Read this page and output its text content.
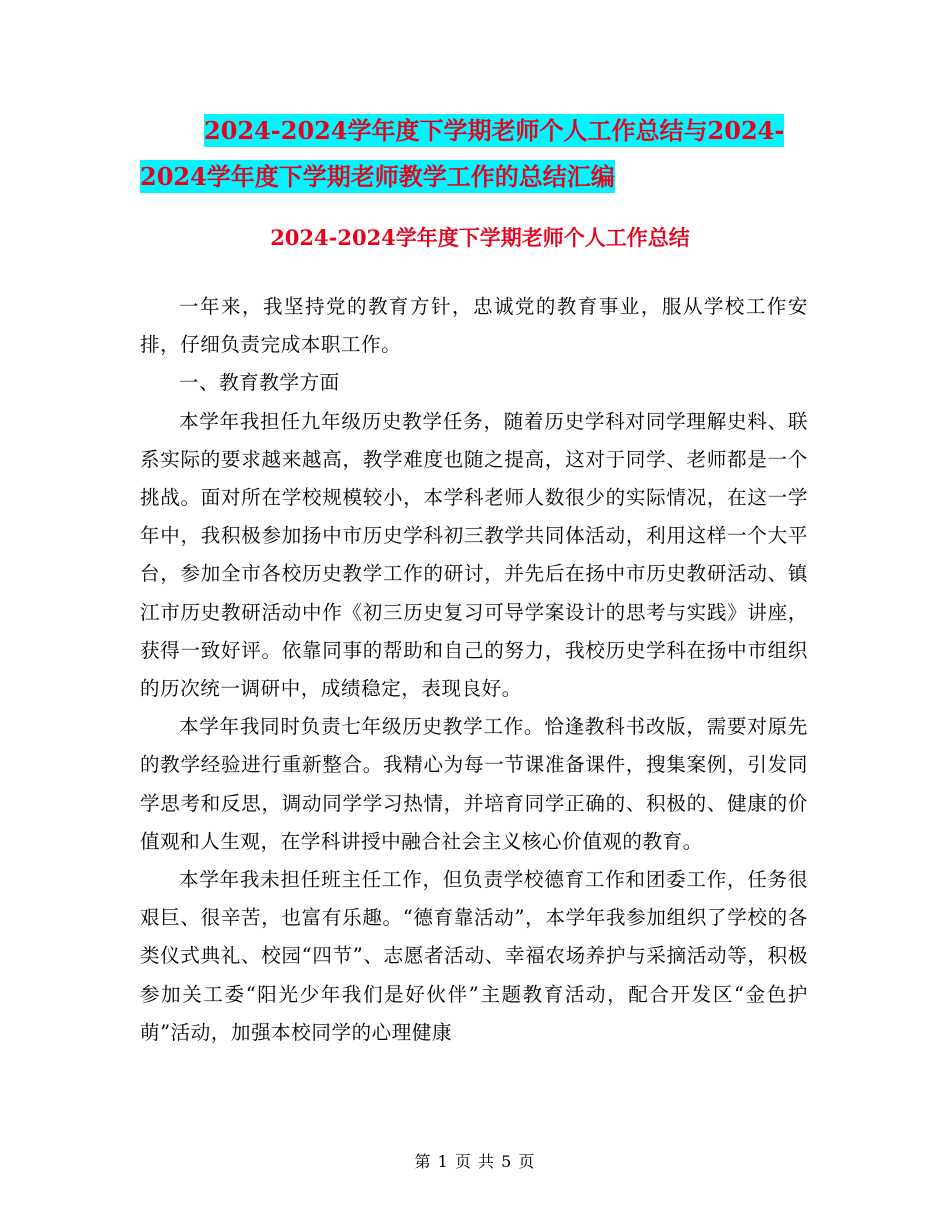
2024-2024学年度下学期老师个人工作总结与2024-
2024学年度下学期老师教学工作的总结汇编
2024-2024学年度下学期老师个人工作总结

一年来，我坚持党的教育方针，忠诚党的教育事业，服从学校工作安排，仔细负责完成本职工作。

一、教育教学方面

本学年我担任九年级历史教学任务，随着历史学科对同学理解史料、联系实际的要求越来越高，教学难度也随之提高，这对于同学、老师都是一个挑战。面对所在学校规模较小，本学科老师人数很少的实际情况，在这一学年中，我积极参加扬中市历史学科初三教学共同体活动，利用这样一个大平台，参加全市各校历史教学工作的研讨，并先后在扬中市历史教研活动、镇江市历史教研活动中作《初三历史复习可导学案设计的思考与实践》讲座，获得一致好评。依靠同事的帮助和自己的努力，我校历史学科在扬中市组织的历次统一调研中，成绩稳定，表现良好。

本学年我同时负责七年级历史教学工作。恰逢教科书改版，需要对原先的教学经验进行重新整合。我精心为每一节课准备课件，搜集案例，引发同学思考和反思，调动同学学习热情，并培育同学正确的、积极的、健康的价值观和人生观，在学科讲授中融合社会主义核心价值观的教育。

本学年我未担任班主任工作，但负责学校德育工作和团委工作，任务很艰巨、很辛苦，也富有乐趣。“德育靠活动”，本学年我参加组织了学校的各类仪式典礼、校园“四节”、志愿者活动、幸福农场养护与采摘活动等，积极参加关工委“阳光少年我们是好伙伴”主题教育活动，配合开发区“金色护萌”活动，加强本校同学的心理健康

第 1 页 共 5 页
